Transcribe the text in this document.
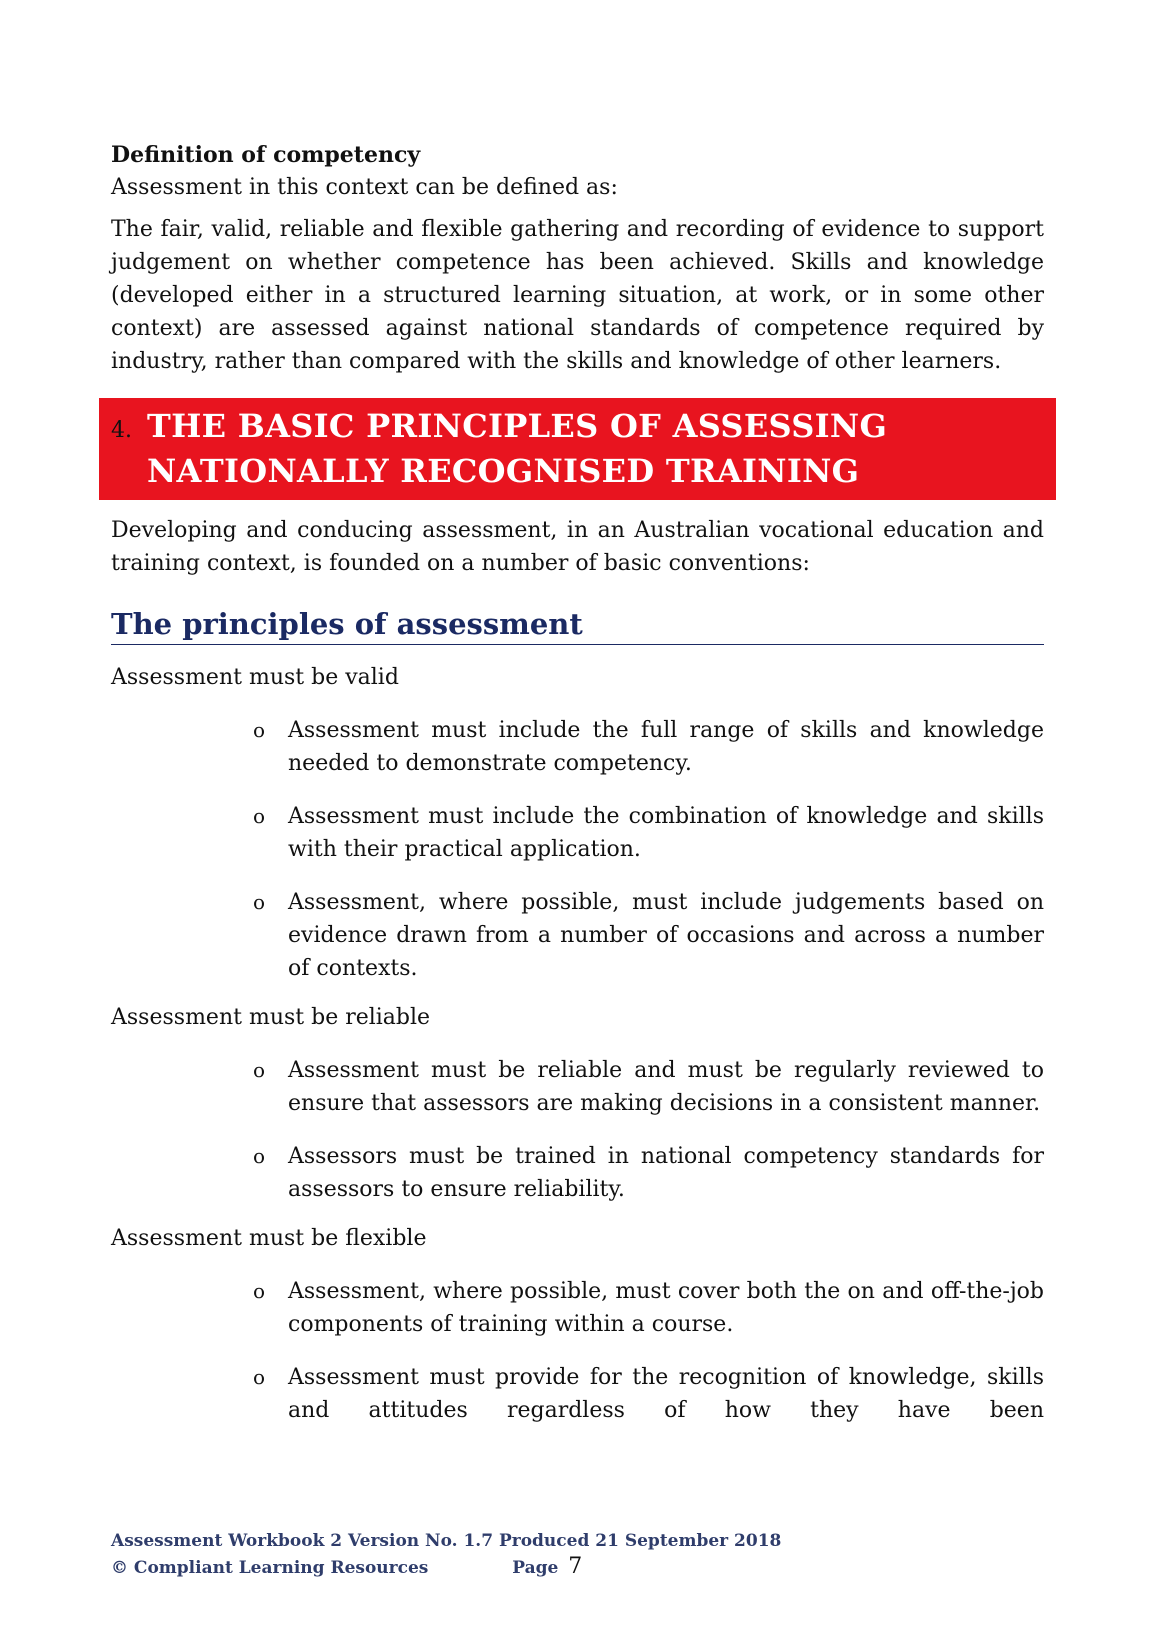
Definition of competency

Assessment in this context can be defined as:

The fair, valid, reliable and flexible gathering and recording of evidence to support judgement on whether competence has been achieved. Skills and knowledge (developed either in a structured learning situation, at work, or in some other context) are assessed against national standards of competence required by industry, rather than compared with the skills and knowledge of other learners.

4. THE BASIC PRINCIPLES OF ASSESSING
NATIONALLY RECOGNISED TRAINING

Developing and conducing assessment, in an Australian vocational education and training context, is founded on a number of basic conventions:

The principles of assessment

Assessment must be valid

o Assessment must include the full range of skills and knowledge needed to demonstrate competency.
o Assessment must include the combination of knowledge and skills with their practical application.
o Assessment, where possible, must include judgements based on evidence drawn from a number of occasions and across a number of contexts.

Assessment must be reliable

o Assessment must be reliable and must be regularly reviewed to ensure that assessors are making decisions in a consistent manner.
o Assessors must be trained in national competency standards for assessors to ensure reliability.

Assessment must be flexible

o Assessment, where possible, must cover both the on and off-the-job components of training within a course.
o Assessment must provide for the recognition of knowledge, skills and attitudes regardless of how they have been
Assessment Workbook 2 Version No. 1.7 Produced 21 September 2018
© Compliant Learning Resources	Page 7
